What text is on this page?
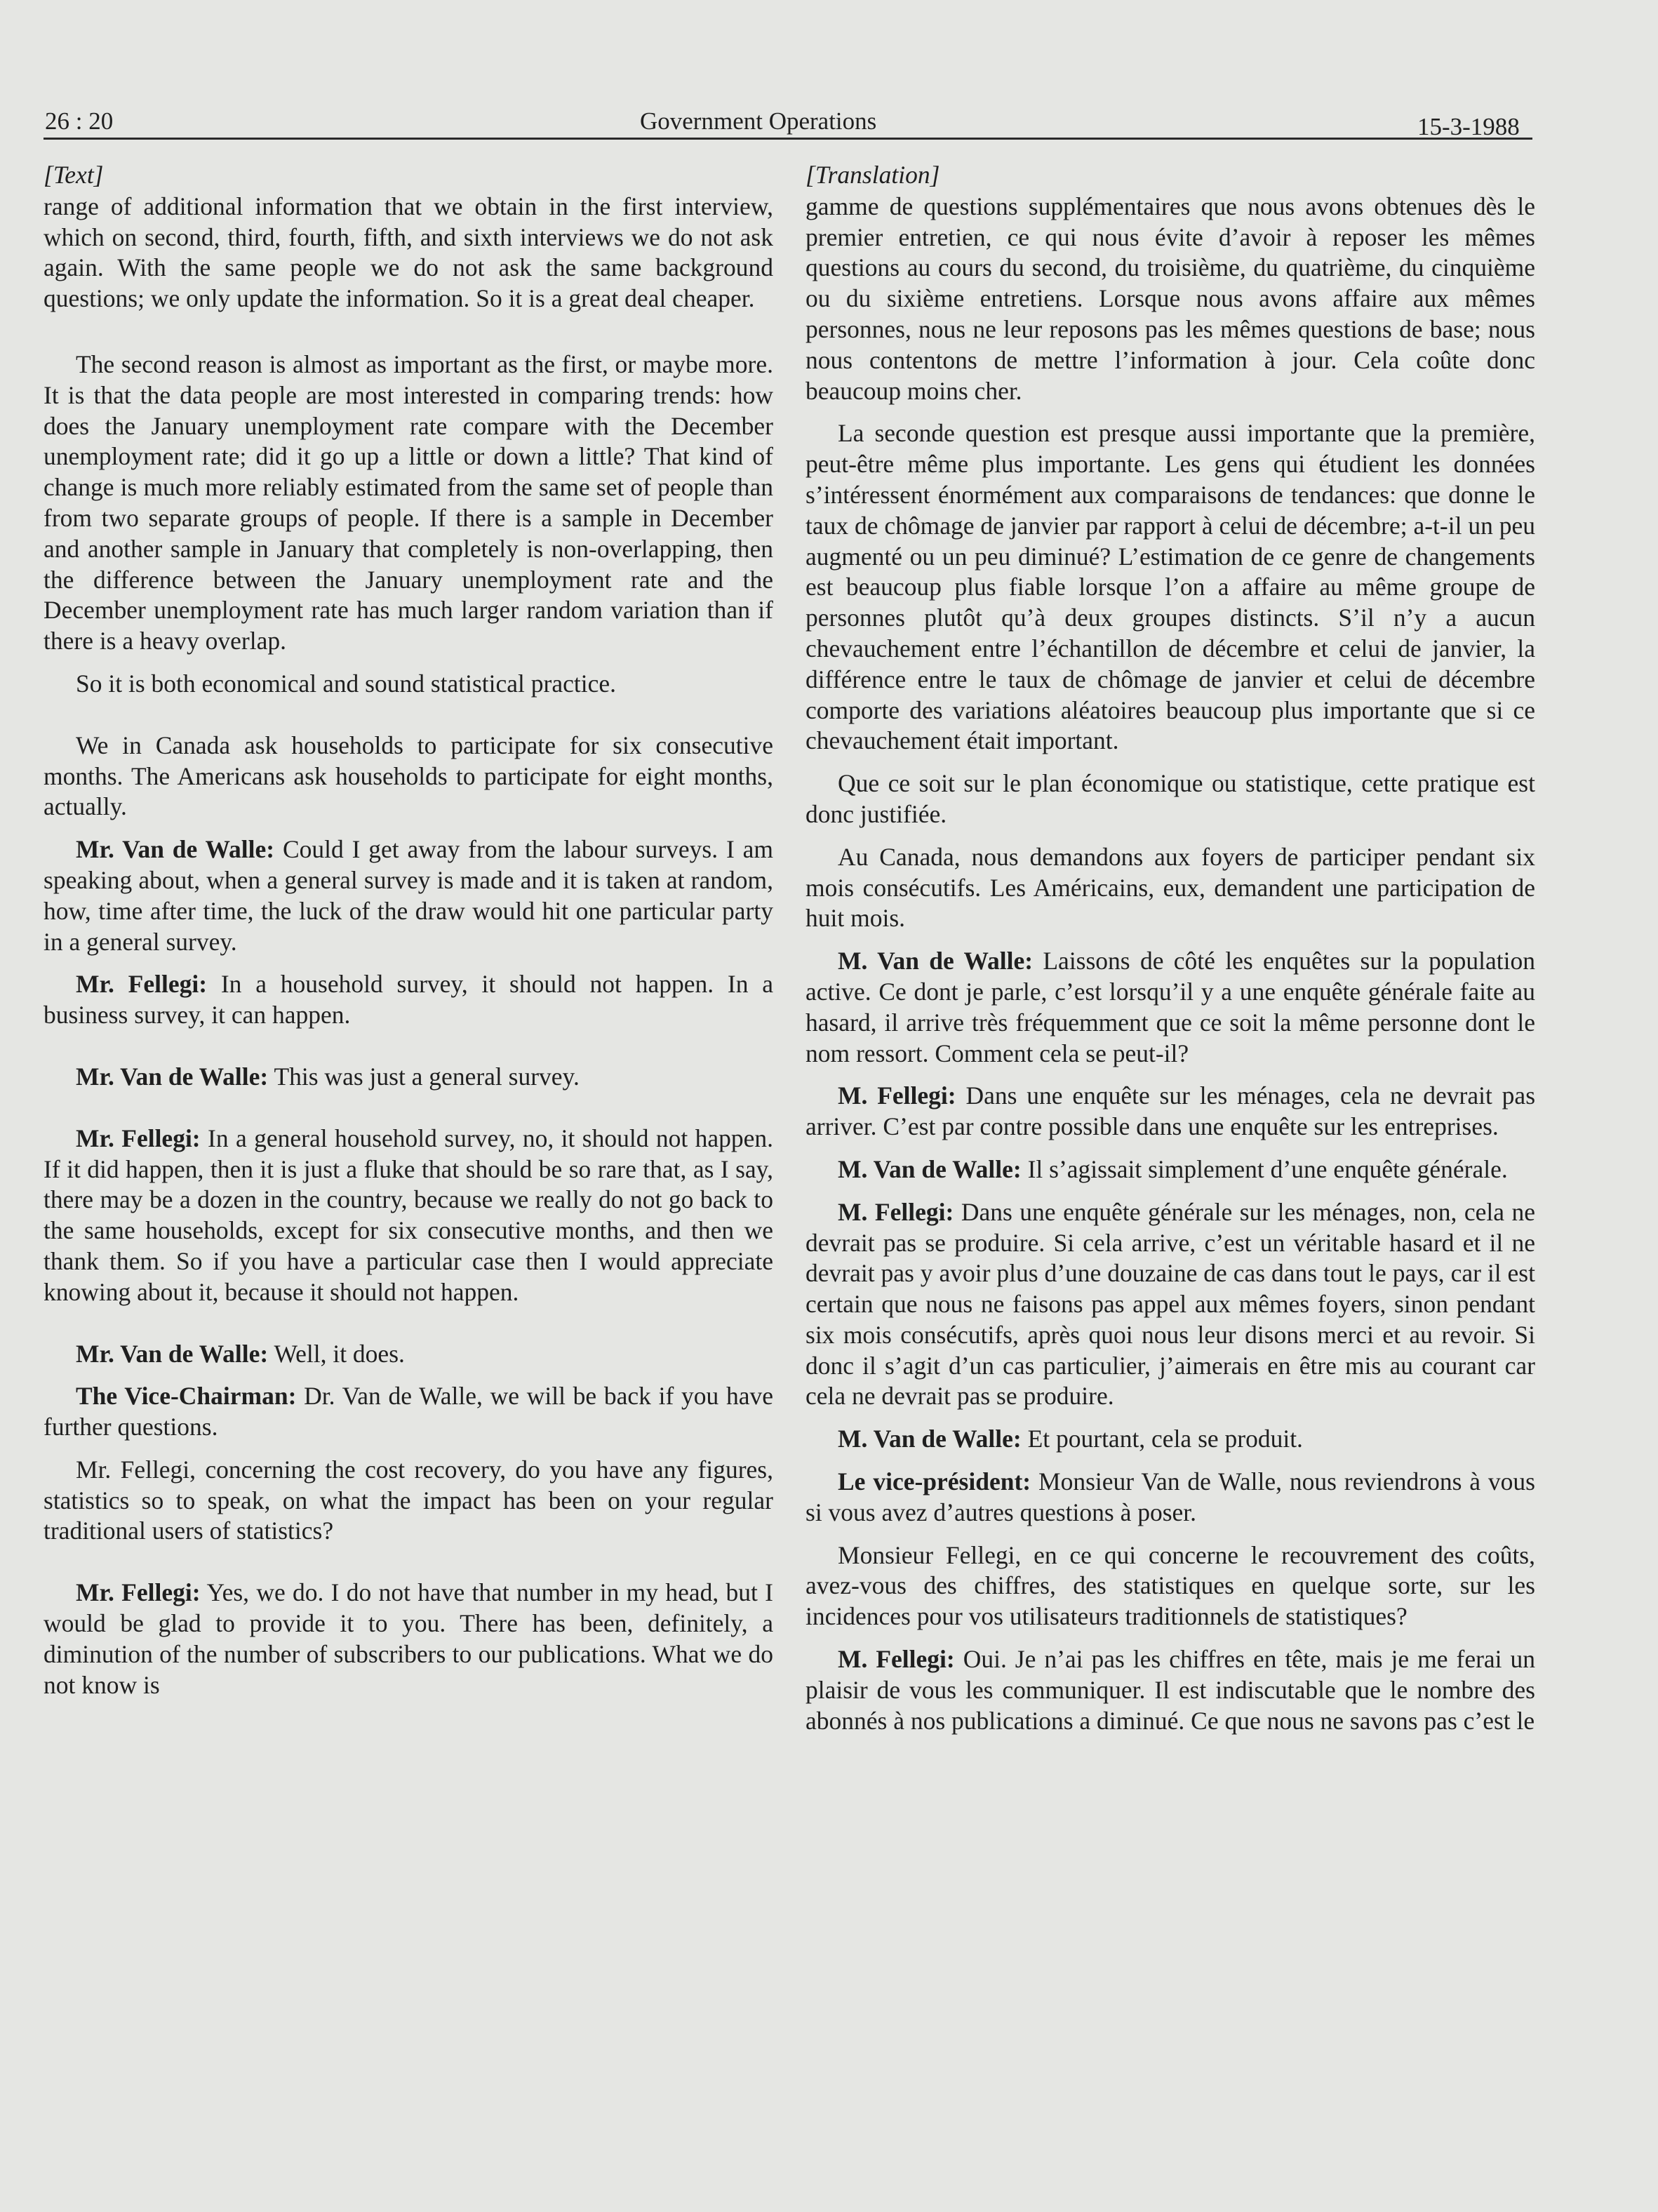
26 : 20	Government Operations	15-3-1988
[Text]

range of additional information that we obtain in the first interview, which on second, third, fourth, fifth, and sixth interviews we do not ask again. With the same people we do not ask the same background questions; we only update the information. So it is a great deal cheaper.

The second reason is almost as important as the first, or maybe more. It is that the data people are most interested in comparing trends: how does the January unemployment rate compare with the December unemployment rate; did it go up a little or down a little? That kind of change is much more reliably estimated from the same set of people than from two separate groups of people. If there is a sample in December and another sample in January that completely is non-overlapping, then the difference between the January unemployment rate and the December unemployment rate has much larger random variation than if there is a heavy overlap.

So it is both economical and sound statistical practice.

We in Canada ask households to participate for six consecutive months. The Americans ask households to participate for eight months, actually.

Mr. Van de Walle: Could I get away from the labour surveys. I am speaking about, when a general survey is made and it is taken at random, how, time after time, the luck of the draw would hit one particular party in a general survey.

Mr. Fellegi: In a household survey, it should not happen. In a business survey, it can happen.

Mr. Van de Walle: This was just a general survey.

Mr. Fellegi: In a general household survey, no, it should not happen. If it did happen, then it is just a fluke that should be so rare that, as I say, there may be a dozen in the country, because we really do not go back to the same households, except for six consecutive months, and then we thank them. So if you have a particular case then I would appreciate knowing about it, because it should not happen.

Mr. Van de Walle: Well, it does.

The Vice-Chairman: Dr. Van de Walle, we will be back if you have further questions.

Mr. Fellegi, concerning the cost recovery, do you have any figures, statistics so to speak, on what the impact has been on your regular traditional users of statistics?

Mr. Fellegi: Yes, we do. I do not have that number in my head, but I would be glad to provide it to you. There has been, definitely, a diminution of the number of subscribers to our publications. What we do not know is

[Translation]

gamme de questions supplémentaires que nous avons obtenues dès le premier entretien, ce qui nous évite d’avoir à reposer les mêmes questions au cours du second, du troisième, du quatrième, du cinquième ou du sixième entretiens. Lorsque nous avons affaire aux mêmes personnes, nous ne leur reposons pas les mêmes questions de base; nous nous contentons de mettre l’information à jour. Cela coûte donc beaucoup moins cher.

La seconde question est presque aussi importante que la première, peut-être même plus importante. Les gens qui étudient les données s’intéressent énormément aux comparaisons de tendances: que donne le taux de chômage de janvier par rapport à celui de décembre; a-t-il un peu augmenté ou un peu diminué? L’estimation de ce genre de changements est beaucoup plus fiable lorsque l’on a affaire au même groupe de personnes plutôt qu’à deux groupes distincts. S’il n’y a aucun chevauchement entre l’échantillon de décembre et celui de janvier, la différence entre le taux de chômage de janvier et celui de décembre comporte des variations aléatoires beaucoup plus importante que si ce chevauchement était important.

Que ce soit sur le plan économique ou statistique, cette pratique est donc justifiée.

Au Canada, nous demandons aux foyers de participer pendant six mois consécutifs. Les Américains, eux, demandent une participation de huit mois.

M. Van de Walle: Laissons de côté les enquêtes sur la population active. Ce dont je parle, c’est lorsqu’il y a une enquête générale faite au hasard, il arrive très fréquemment que ce soit la même personne dont le nom ressort. Comment cela se peut-il?

M. Fellegi: Dans une enquête sur les ménages, cela ne devrait pas arriver. C’est par contre possible dans une enquête sur les entreprises.

M. Van de Walle: Il s’agissait simplement d’une enquête générale.

M. Fellegi: Dans une enquête générale sur les ménages, non, cela ne devrait pas se produire. Si cela arrive, c’est un véritable hasard et il ne devrait pas y avoir plus d’une douzaine de cas dans tout le pays, car il est certain que nous ne faisons pas appel aux mêmes foyers, sinon pendant six mois consécutifs, après quoi nous leur disons merci et au revoir. Si donc il s’agit d’un cas particulier, j’aimerais en être mis au courant car cela ne devrait pas se produire.

M. Van de Walle: Et pourtant, cela se produit.

Le vice-président: Monsieur Van de Walle, nous reviendrons à vous si vous avez d’autres questions à poser.

Monsieur Fellegi, en ce qui concerne le recouvrement des coûts, avez-vous des chiffres, des statistiques en quelque sorte, sur les incidences pour vos utilisateurs traditionnels de statistiques?

M. Fellegi: Oui. Je n’ai pas les chiffres en tête, mais je me ferai un plaisir de vous les communiquer. Il est indiscutable que le nombre des abonnés à nos publications a diminué. Ce que nous ne savons pas c’est le
